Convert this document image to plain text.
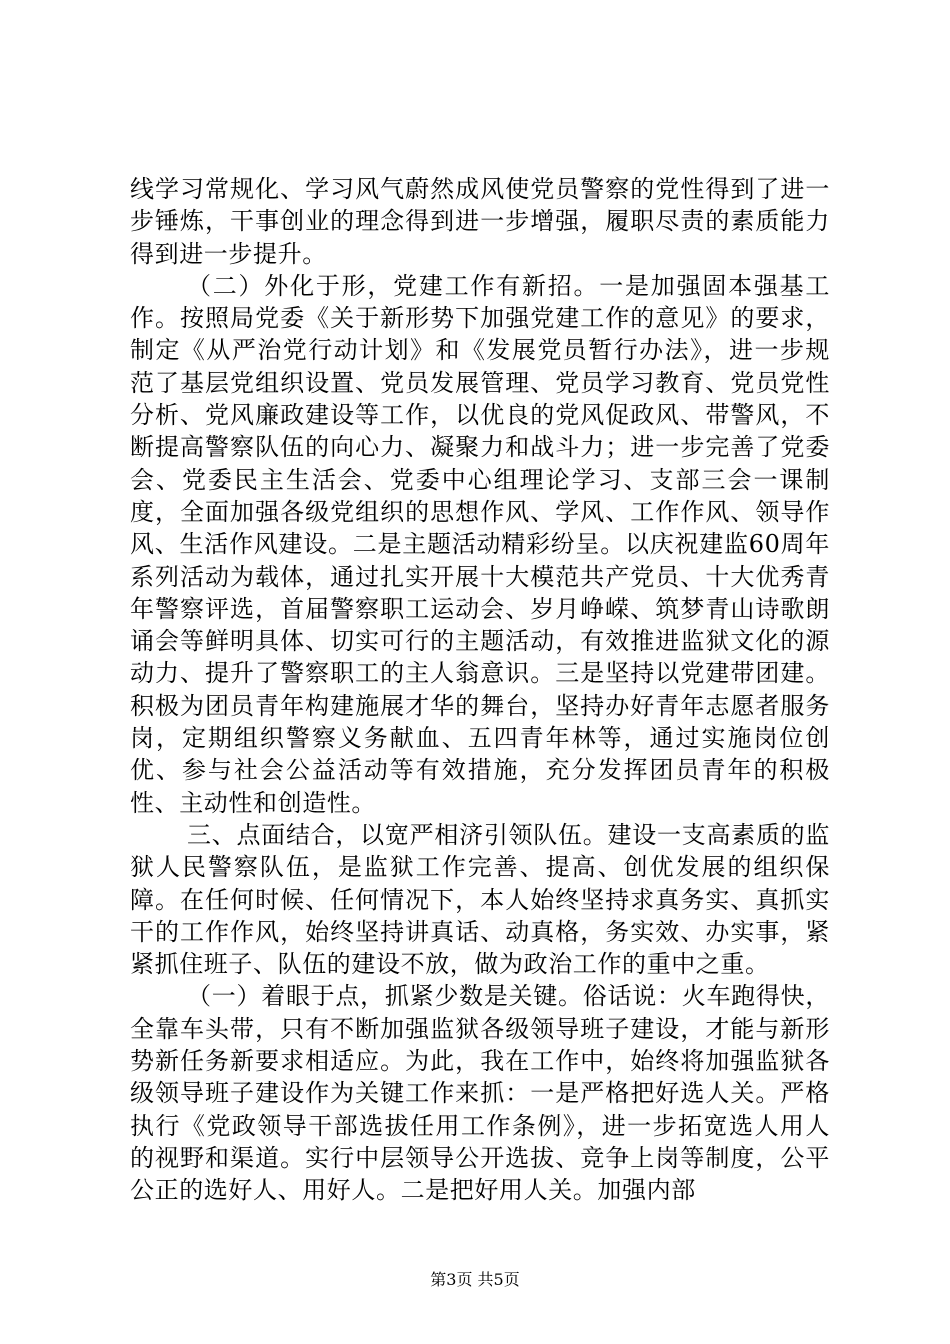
线学习常规化、学习风气蔚然成风使党员警察的党性得到了进一步锤炼，干事创业的理念得到进一步增强，履职尽责的素质能力得到进一步提升。

（二）外化于形，党建工作有新招。一是加强固本强基工作。按照局党委《关于新形势下加强党建工作的意见》的要求，制定《从严治党行动计划》和《发展党员暂行办法》，进一步规范了基层党组织设置、党员发展管理、党员学习教育、党员党性分析、党风廉政建设等工作，以优良的党风促政风、带警风，不断提高警察队伍的向心力、凝聚力和战斗力；进一步完善了党委会、党委民主生活会、党委中心组理论学习、支部三会一课制度，全面加强各级党组织的思想作风、学风、工作作风、领导作风、生活作风建设。二是主题活动精彩纷呈。以庆祝建监60周年系列活动为载体，通过扎实开展十大模范共产党员、十大优秀青年警察评选，首届警察职工运动会、岁月峥嵘、筑梦青山诗歌朗诵会等鲜明具体、切实可行的主题活动，有效推进监狱文化的源动力、提升了警察职工的主人翁意识。三是坚持以党建带团建。积极为团员青年构建施展才华的舞台，坚持办好青年志愿者服务岗，定期组织警察义务献血、五四青年林等，通过实施岗位创优、参与社会公益活动等有效措施，充分发挥团员青年的积极性、主动性和创造性。

三、点面结合，以宽严相济引领队伍。建设一支高素质的监狱人民警察队伍，是监狱工作完善、提高、创优发展的组织保障。在任何时候、任何情况下，本人始终坚持求真务实、真抓实干的工作作风，始终坚持讲真话、动真格，务实效、办实事，紧紧抓住班子、队伍的建设不放，做为政治工作的重中之重。

（一）着眼于点，抓紧少数是关键。俗话说：火车跑得快，全靠车头带，只有不断加强监狱各级领导班子建设，才能与新形势新任务新要求相适应。为此，我在工作中，始终将加强监狱各级领导班子建设作为关键工作来抓：一是严格把好选人关。严格执行《党政领导干部选拔任用工作条例》，进一步拓宽选人用人的视野和渠道。实行中层领导公开选拔、竞争上岗等制度，公平公正的选好人、用好人。二是把好用人关。加强内部

第3页 共5页
